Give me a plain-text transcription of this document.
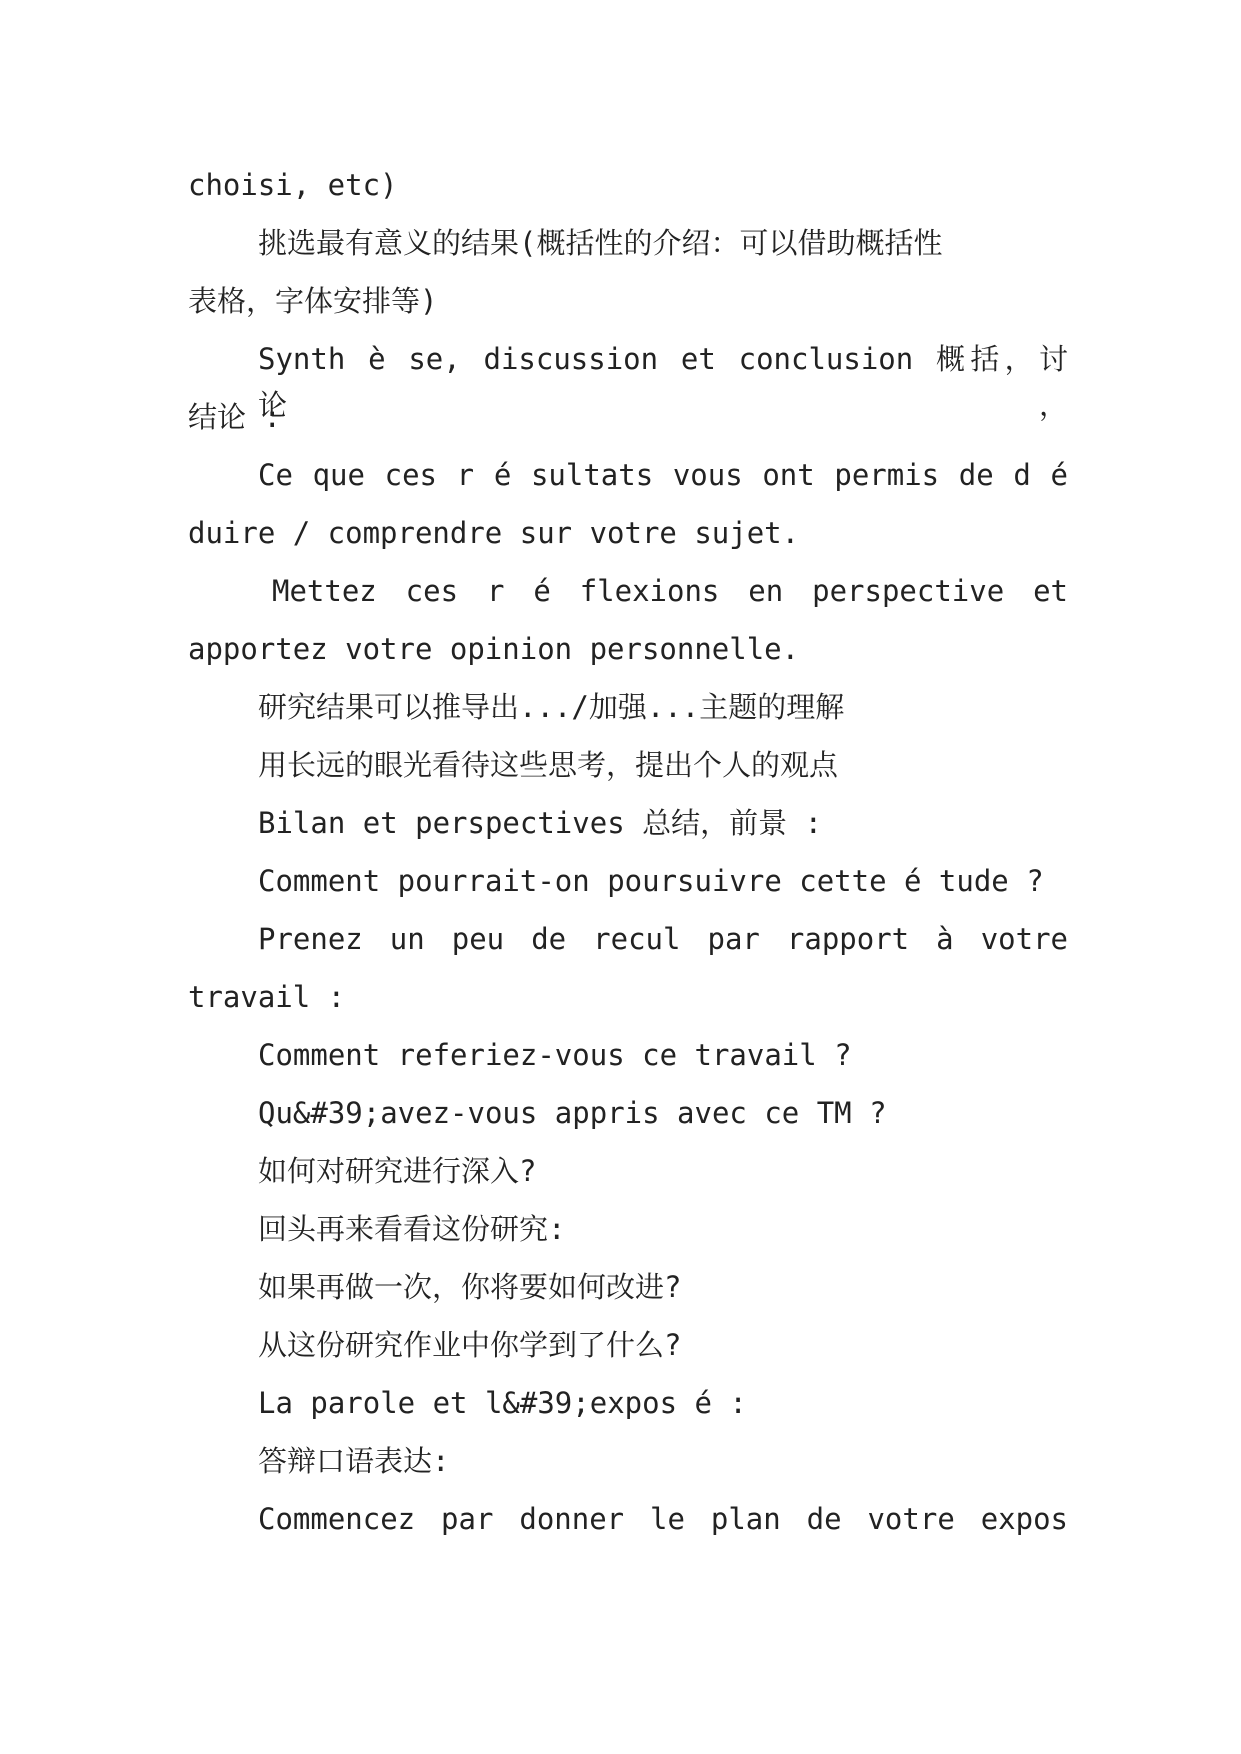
choisi, etc)
挑选最有意义的结果(概括性的介绍：可以借助概括性
表格，字体安排等)
Synth è se, discussion et conclusion 概括，讨论，
结论 :
Ce que ces r é sultats vous ont permis de d é
duire / comprendre sur votre sujet.
Mettez ces r é flexions en perspective et
apportez votre opinion personnelle.
研究结果可以推导出.../加强...主题的理解
用长远的眼光看待这些思考，提出个人的观点
Bilan et perspectives 总结，前景 :
Comment pourrait-on poursuivre cette é tude ?
Prenez un peu de recul par rapport à votre
travail :
Comment referiez-vous ce travail ?
Qu&#39;avez-vous appris avec ce TM ?
如何对研究进行深入?
回头再来看看这份研究:
如果再做一次，你将要如何改进?
从这份研究作业中你学到了什么?
La parole et l&#39;expos é :
答辩口语表达:
Commencez par donner le plan de votre expos
